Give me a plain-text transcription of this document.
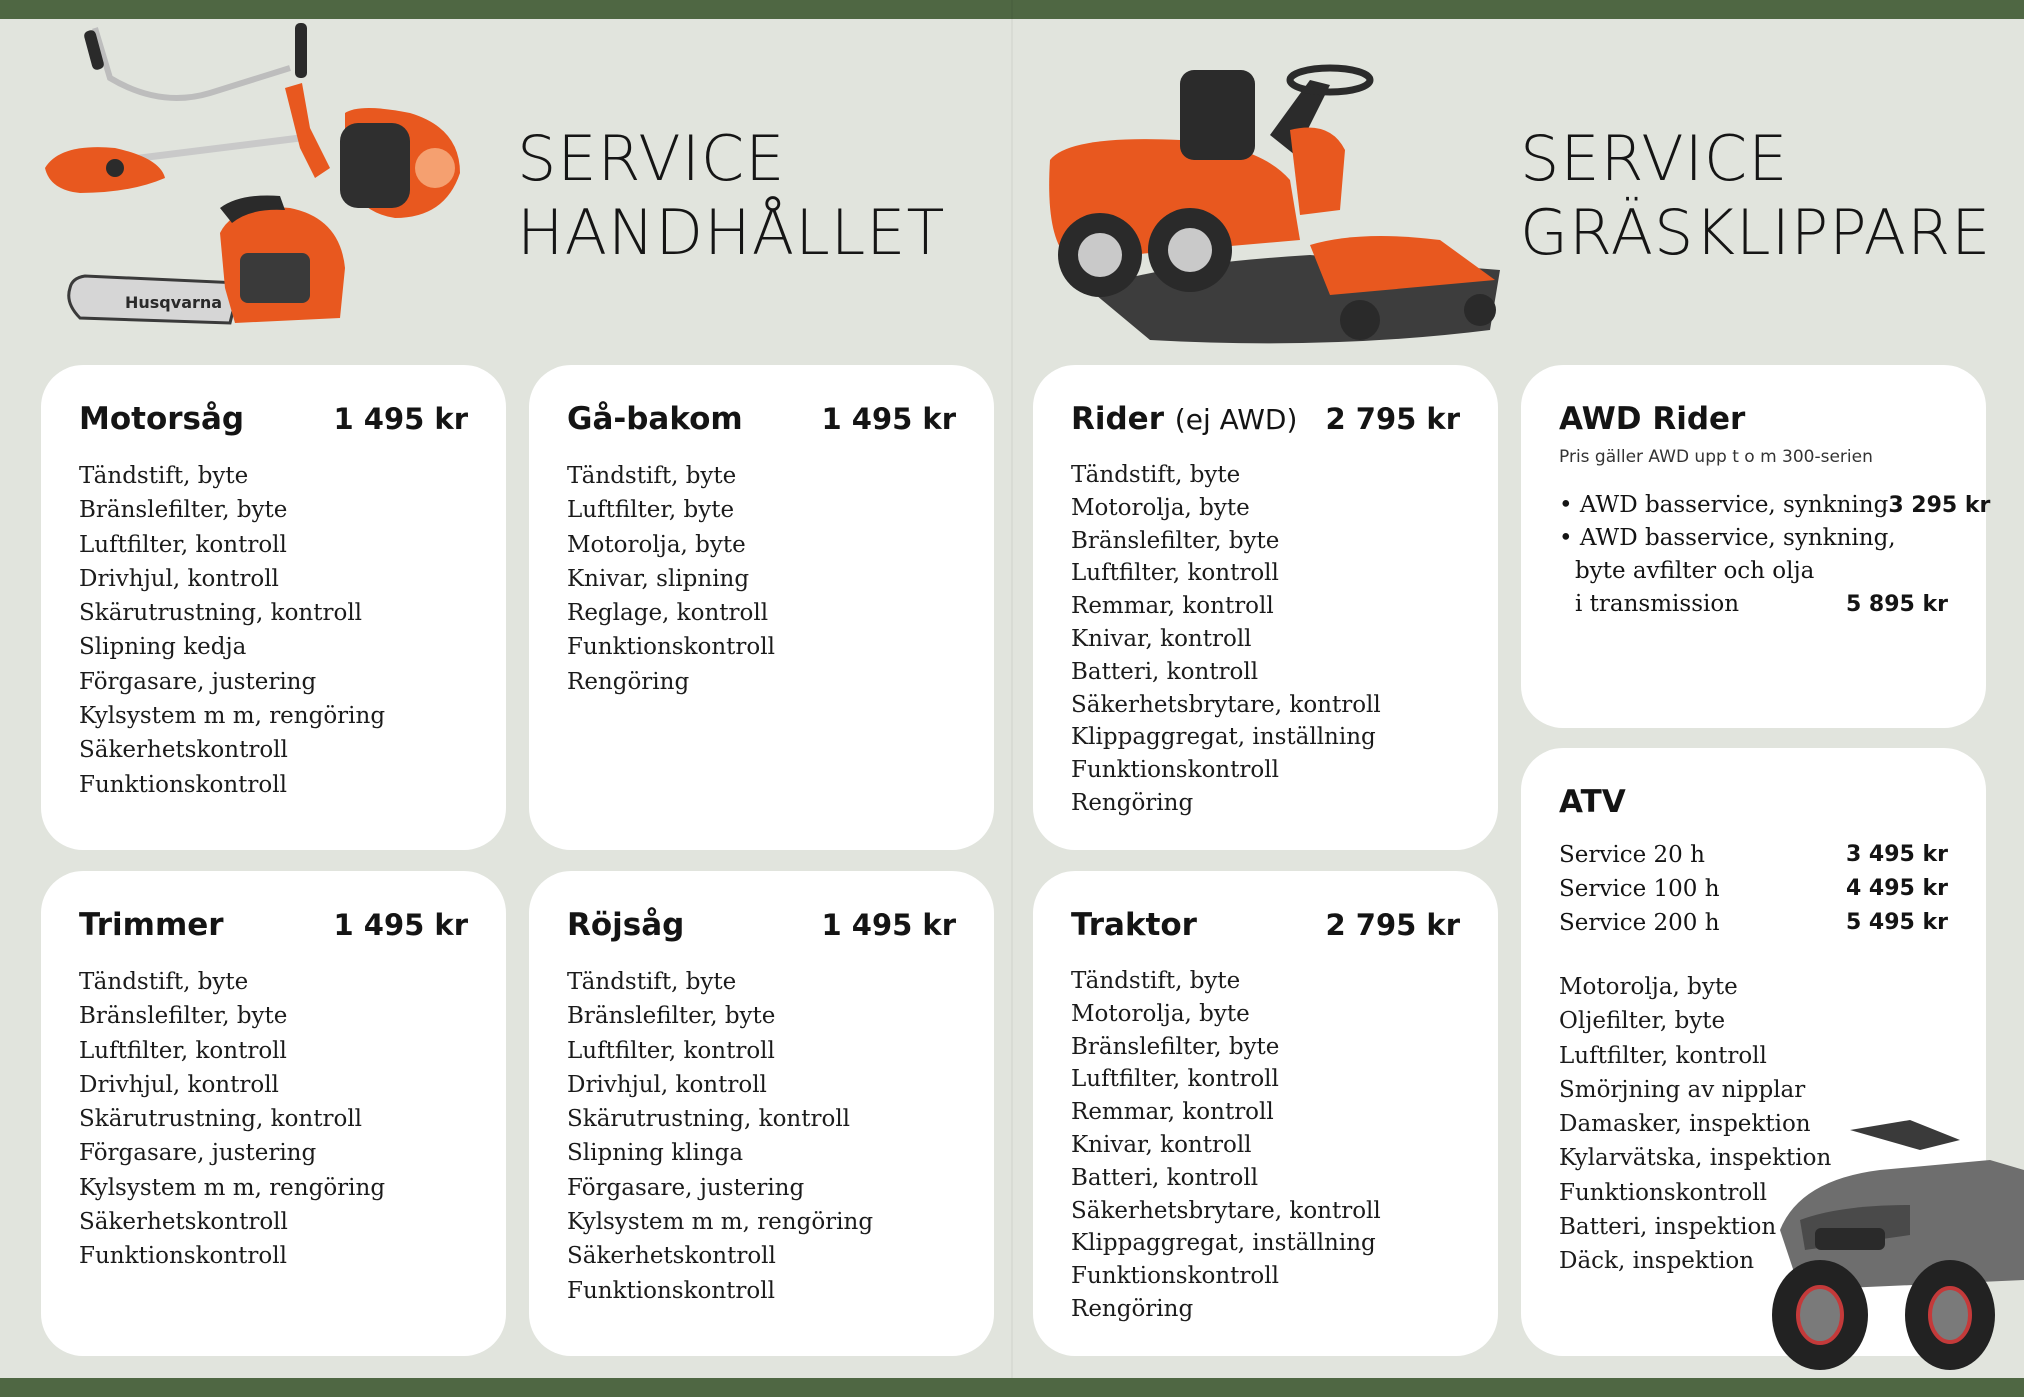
Husqvarna
SERVICE
HANDHÅLLET
SERVICE
GRÄSKLIPPARE
Motorsåg	1 495 kr
Tändstift, byte
Bränslefilter, byte
Luftfilter, kontroll
Drivhjul, kontroll
Skärutrustning, kontroll
Slipning kedja
Förgasare, justering
Kylsystem m m, rengöring
Säkerhetskontroll
Funktionskontroll
Gå-bakom	1 495 kr
Tändstift, byte
Luftfilter, byte
Motorolja, byte
Knivar, slipning
Reglage, kontroll
Funktionskontroll
Rengöring
Rider (ej AWD) 2 795 kr
Tändstift, byte
Motorolja, byte
Bränslefilter, byte
Luftfilter, kontroll
Remmar, kontroll
Knivar, kontroll
Batteri, kontroll
Säkerhetsbrytare, kontroll
Klippaggregat, inställning
Funktionskontroll
Rengöring
AWD Rider
Pris gäller AWD upp t o m 300-serien
• AWD basservice, synkning 3 295 kr
• AWD basservice, synkning,
byte avfilter och olja
i transmission	5 895 kr
Trimmer	1 495 kr
Tändstift, byte
Bränslefilter, byte
Luftfilter, kontroll
Drivhjul, kontroll
Skärutrustning, kontroll
Förgasare, justering
Kylsystem m m, rengöring
Säkerhetskontroll
Funktionskontroll
Röjsåg	1 495 kr
Tändstift, byte
Bränslefilter, byte
Luftfilter, kontroll
Drivhjul, kontroll
Skärutrustning, kontroll
Slipning klinga
Förgasare, justering
Kylsystem m m, rengöring
Säkerhetskontroll
Funktionskontroll
Traktor	2 795 kr
Tändstift, byte
Motorolja, byte
Bränslefilter, byte
Luftfilter, kontroll
Remmar, kontroll
Knivar, kontroll
Batteri, kontroll
Säkerhetsbrytare, kontroll
Klippaggregat, inställning
Funktionskontroll
Rengöring
ATV
Service 20 h	3 495 kr
Service 100 h	4 495 kr
Service 200 h	5 495 kr
Motorolja, byte
Oljefilter, byte
Luftfilter, kontroll
Smörjning av nipplar
Damasker, inspektion
Kylarvätska, inspektion
Funktionskontroll
Batteri, inspektion
Däck, inspektion
